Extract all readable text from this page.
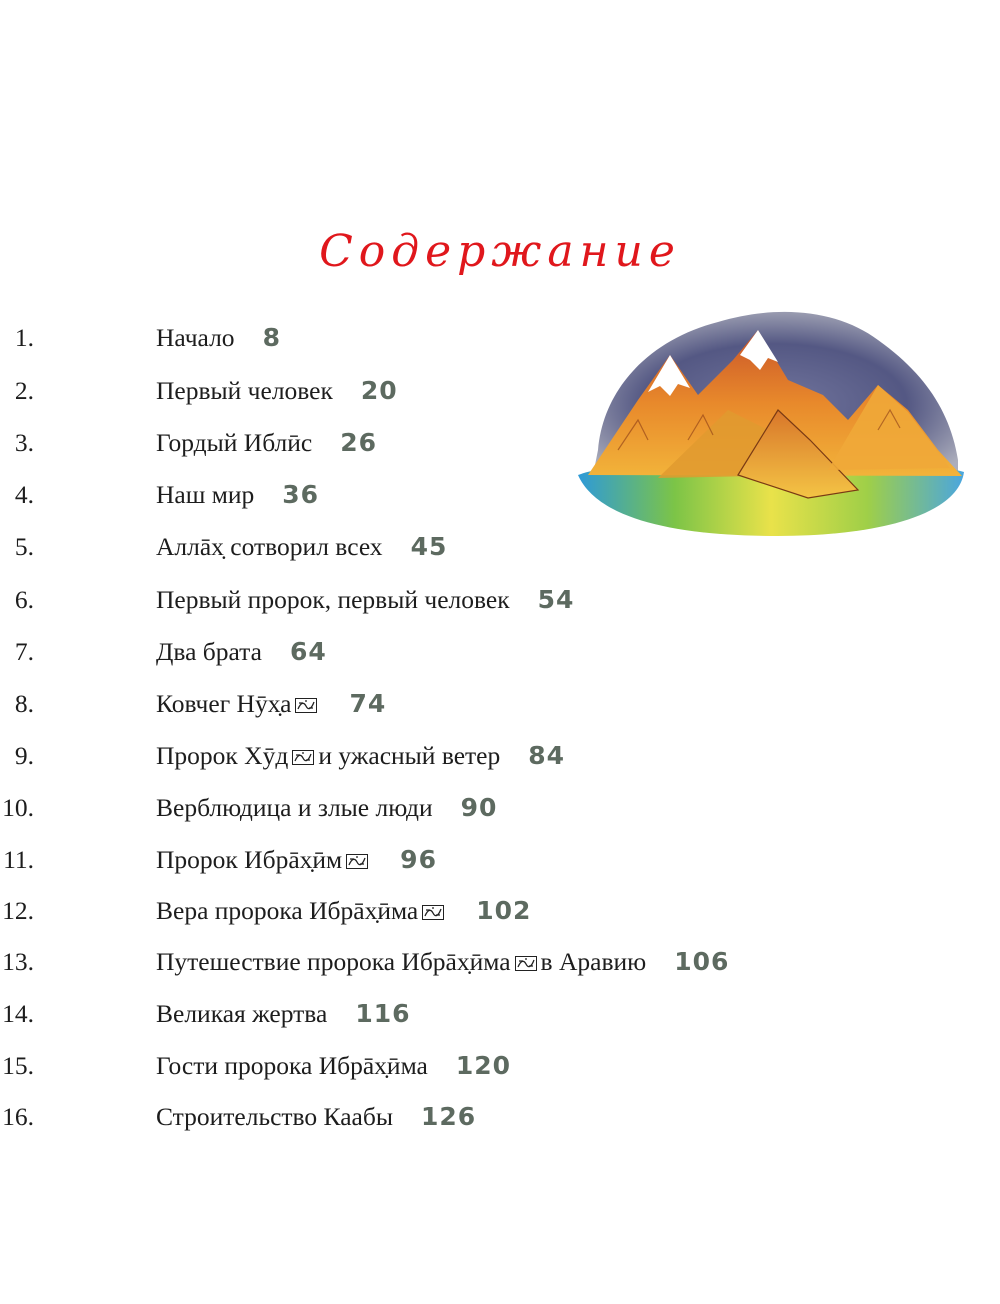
Содержание
1.	Начало 8
2.	Первый человек 20
3.	Гордый Иблӣс 26
4.	Наш мир 36
5.	Аллāх̣ сотворил всех 45
6.	Первый пророк, первый человек 54
7.	Два брата 64
8.	Ковчег Нӯх̣а 74
9.	Пророк Хӯд и ужасный ветер 84
10.	Верблюдица и злые люди 90
11.	Пророк Ибрāх̣ӣм 96
12.	Вера пророка Ибрāх̣ӣма 102
13.	Путешествие пророка Ибрāх̣ӣма в Аравию 106
14.	Великая жертва 116
15.	Гости пророка Ибрāх̣ӣма 120
16.	Строительство Каабы 126
